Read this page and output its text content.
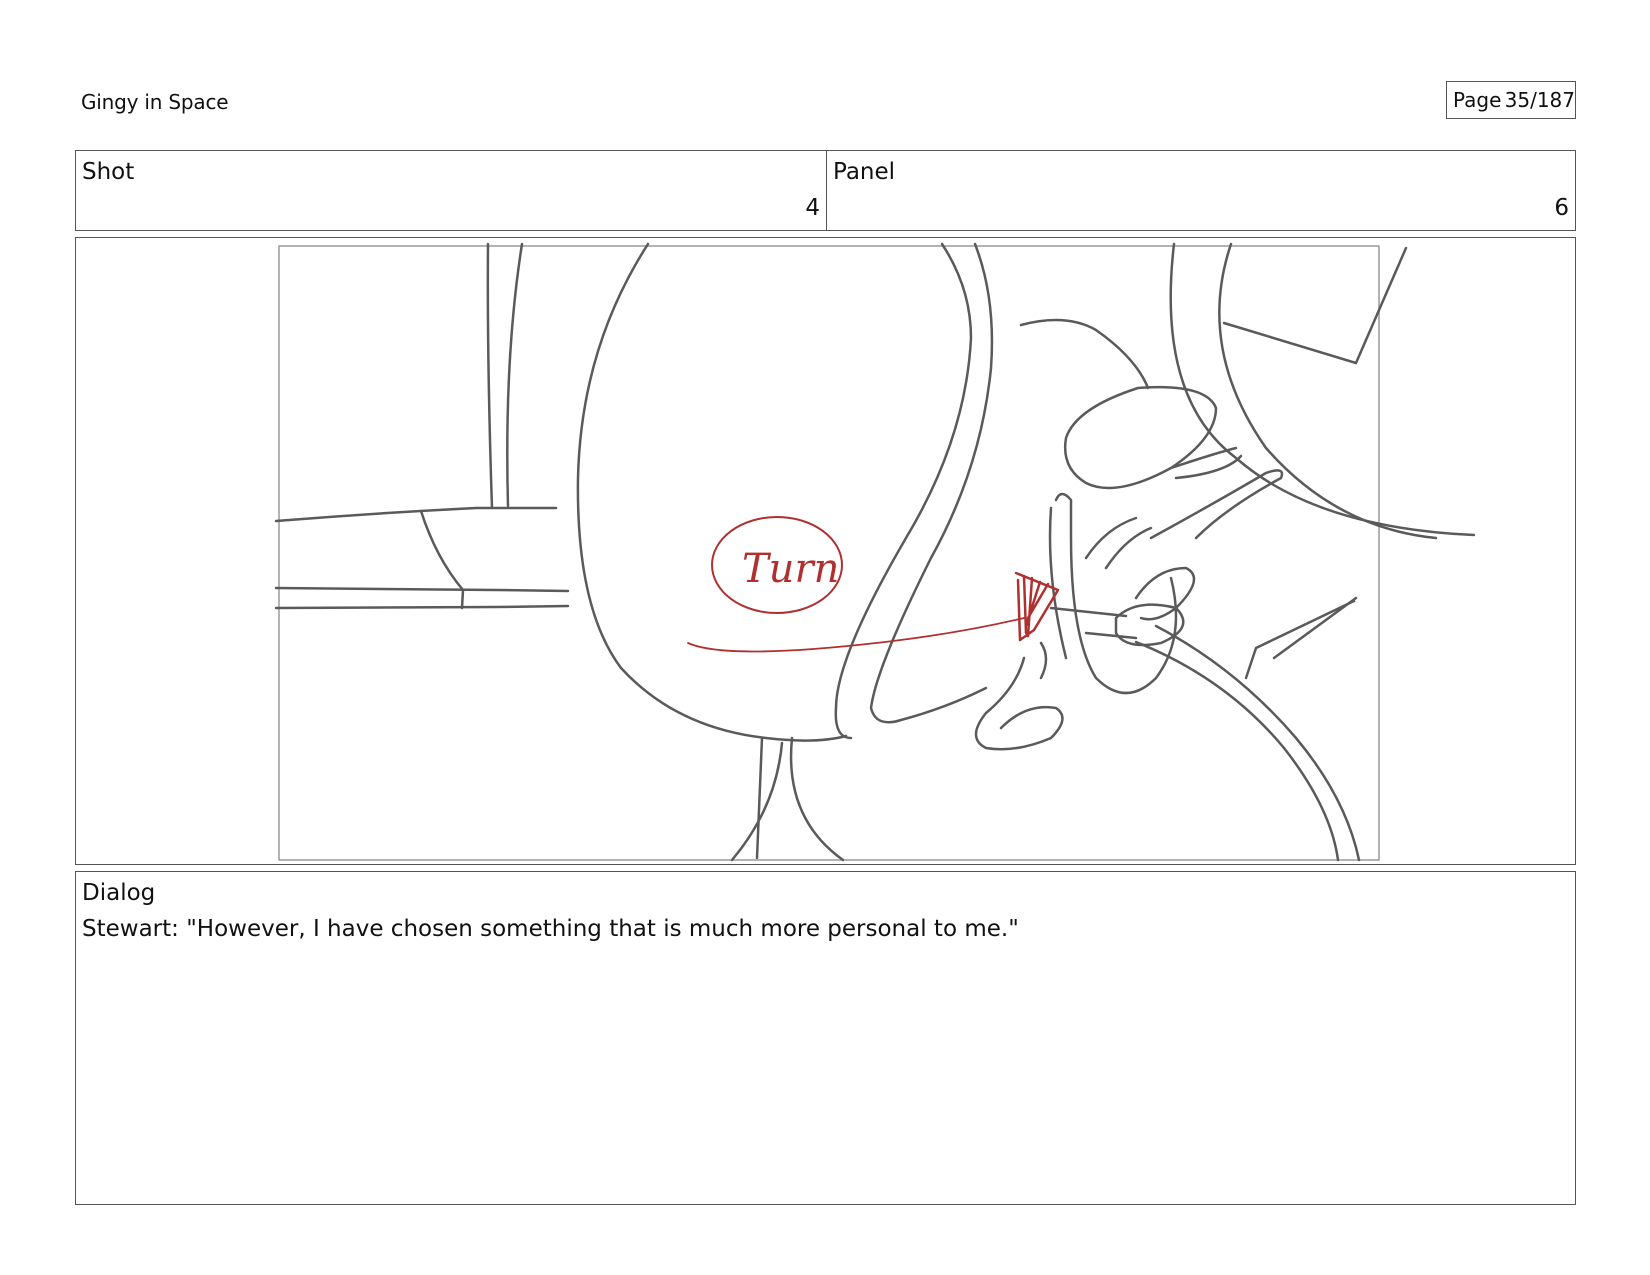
Gingy in Space	Page 35/187
Shot
4
Panel
6
Turn
Dialog
Stewart: "However, I have chosen something that is much more personal to me."
